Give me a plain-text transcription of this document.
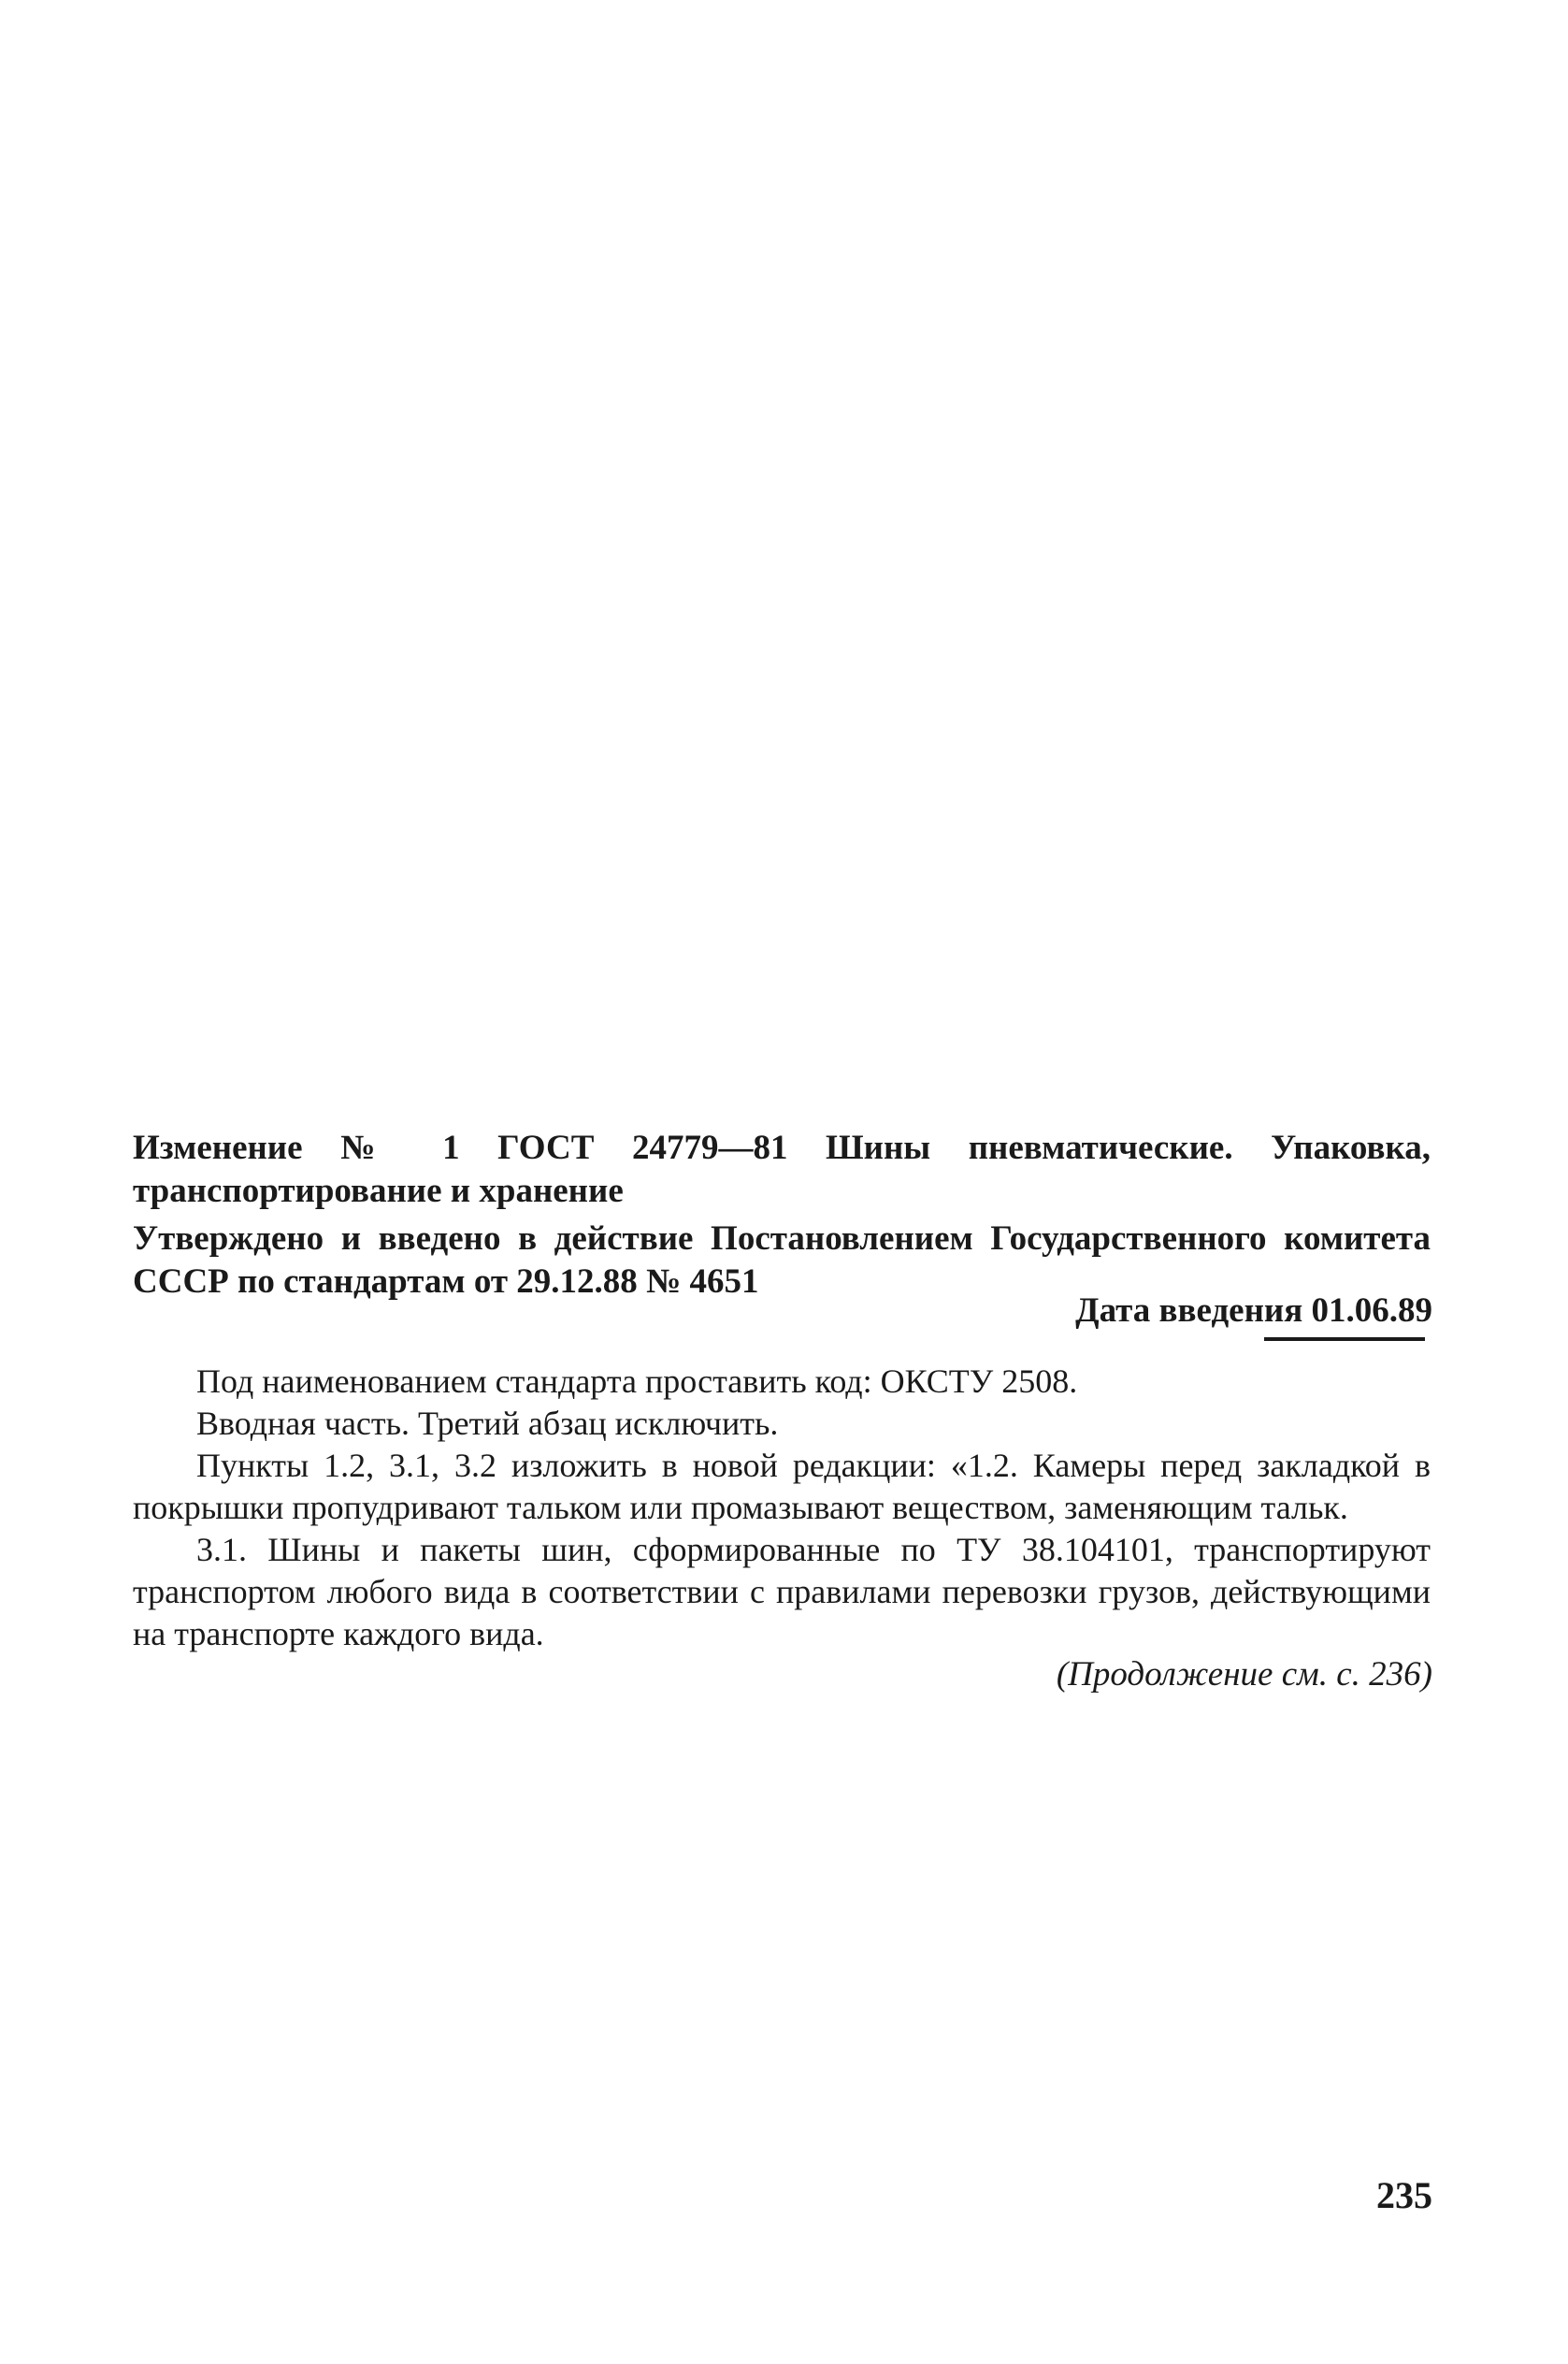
Изменение № 1 ГОСТ 24779—81 Шины пневматические. Упаковка, транспортирование и хранение
Утверждено и введено в действие Постановлением Государственного комитета СССР по стандартам от 29.12.88 № 4651
Дата введения 01.06.89

Под наименованием стандарта проставить код: ОКСТУ 2508.

Вводная часть. Третий абзац исключить.

Пункты 1.2, 3.1, 3.2 изложить в новой редакции: «1.2. Камеры перед закладкой в покрышки пропудривают тальком или промазывают веществом, заменяющим тальк.

3.1. Шины и пакеты шин, сформированные по ТУ 38.104101, транспортируют транспортом любого вида в соответствии с правилами перевозки грузов, действующими на транспорте каждого вида.

(Продолжение см. с. 236)
235
